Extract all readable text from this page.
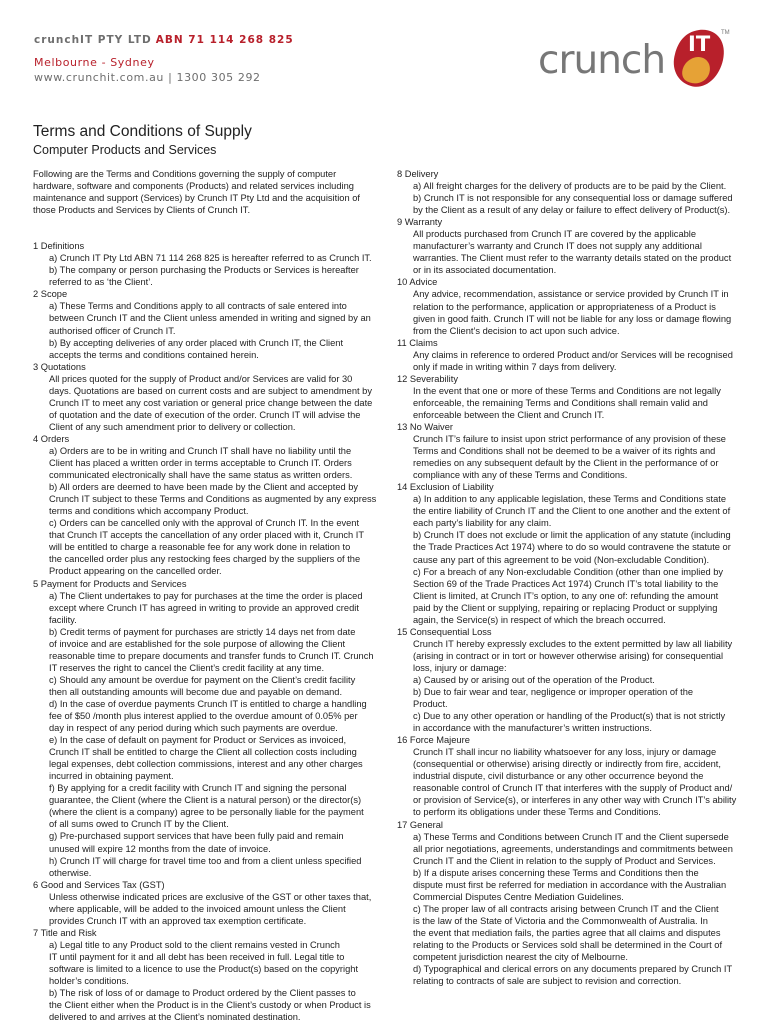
crunchIT PTY LTD ABN 71 114 268 825
Melbourne - Sydney
www.crunchit.com.au | 1300 305 292	crunch IT TM
Terms and Conditions of Supply
Computer Products and Services

Following are the Terms and Conditions governing the supply of computer

hardware, software and components (Products) and related services including

maintenance and support (Services) by Crunch IT Pty Ltd and the acquisition of

those Products and Services by Clients of Crunch IT.

1 Definitions

a) Crunch IT Pty Ltd ABN 71 114 268 825 is hereafter referred to as Crunch IT.

b) The company or person purchasing the Products or Services is hereafter

referred to as ‘the Client’.

2 Scope

a) These Terms and Conditions apply to all contracts of sale entered into

between Crunch IT and the Client unless amended in writing and signed by an

authorised officer of Crunch IT.

b) By accepting deliveries of any order placed with Crunch IT, the Client

accepts the terms and conditions contained herein.

3 Quotations

All prices quoted for the supply of Product and/or Services are valid for 30

days. Quotations are based on current costs and are subject to amendment by

Crunch IT to meet any cost variation or general price change between the date

of quotation and the date of execution of the order. Crunch IT will advise the

Client of any such amendment prior to delivery or collection.

4 Orders

a) Orders are to be in writing and Crunch IT shall have no liability until the

Client has placed a written order in terms acceptable to Crunch IT. Orders

communicated electronically shall have the same status as written orders.

b) All orders are deemed to have been made by the Client and accepted by

Crunch IT subject to these Terms and Conditions as augmented by any express

terms and conditions which accompany Product.

c) Orders can be cancelled only with the approval of Crunch IT. In the event

that Crunch IT accepts the cancellation of any order placed with it, Crunch IT

will be entitled to charge a reasonable fee for any work done in relation to

the cancelled order plus any restocking fees charged by the suppliers of the

Product appearing on the cancelled order.

5 Payment for Products and Services

a) The Client undertakes to pay for purchases at the time the order is placed

except where Crunch IT has agreed in writing to provide an approved credit

facility.

b) Credit terms of payment for purchases are strictly 14 days net from date

of invoice and are established for the sole purpose of allowing the Client

reasonable time to prepare documents and transfer funds to Crunch IT. Crunch

IT reserves the right to cancel the Client’s credit facility at any time.

c) Should any amount be overdue for payment on the Client’s credit facility

then all outstanding amounts will become due and payable on demand.

d) In the case of overdue payments Crunch IT is entitled to charge a handling

fee of $50 /month plus interest applied to the overdue amount of 0.05% per

day in respect of any period during which such payments are overdue.

e) In the case of default on payment for Product or Services as invoiced,

Crunch IT shall be entitled to charge the Client all collection costs including

legal expenses, debt collection commissions, interest and any other charges

incurred in obtaining payment.

f) By applying for a credit facility with Crunch IT and signing the personal

guarantee, the Client (where the Client is a natural person) or the director(s)

(where the client is a company) agree to be personally liable for the payment

of all sums owed to Crunch IT by the Client.

g) Pre-purchased support services that have been fully paid and remain

unused will expire 12 months from the date of invoice.

h) Crunch IT will charge for travel time too and from a client unless specified

otherwise.

6 Good and Services Tax (GST)

Unless otherwise indicated prices are exclusive of the GST or other taxes that,

where applicable, will be added to the invoiced amount unless the Client

provides Crunch IT with an approved tax exemption certificate.

7 Title and Risk

a) Legal title to any Product sold to the client remains vested in Crunch

IT until payment for it and all debt has been received in full. Legal title to

software is limited to a licence to use the Product(s) based on the copyright

holder’s conditions.

b) The risk of loss of or damage to Product ordered by the Client passes to

the Client either when the Product is in the Client’s custody or when Product is

delivered to and arrives at the Client’s nominated destination.

8 Delivery

a) All freight charges for the delivery of products are to be paid by the Client.

b) Crunch IT is not responsible for any consequential loss or damage suffered

by the Client as a result of any delay or failure to effect delivery of Product(s).

9 Warranty

All products purchased from Crunch IT are covered by the applicable

manufacturer’s warranty and Crunch IT does not supply any additional

warranties. The Client must refer to the warranty details stated on the product

or in its associated documentation.

10 Advice

Any advice, recommendation, assistance or service provided by Crunch IT in

relation to the performance, application or appropriateness of a Product is

given in good faith. Crunch IT will not be liable for any loss or damage flowing

from the Client’s decision to act upon such advice.

11 Claims

Any claims in reference to ordered Product and/or Services will be recognised

only if made in writing within 7 days from delivery.

12 Severability

In the event that one or more of these Terms and Conditions are not legally

enforceable, the remaining Terms and Conditions shall remain valid and

enforceable between the Client and Crunch IT.

13 No Waiver

Crunch IT’s failure to insist upon strict performance of any provision of these

Terms and Conditions shall not be deemed to be a waiver of its rights and

remedies on any subsequent default by the Client in the performance of or

compliance with any of these Terms and Conditions.

14 Exclusion of Liability

a) In addition to any applicable legislation, these Terms and Conditions state

the entire liability of Crunch IT and the Client to one another and the extent of

each party’s liability for any claim.

b) Crunch IT does not exclude or limit the application of any statute (including

the Trade Practices Act 1974) where to do so would contravene the statute or

cause any part of this agreement to be void (Non-excludable Condition).

c) For a breach of any Non-excludable Condition (other than one implied by

Section 69 of the Trade Practices Act 1974) Crunch IT’s total liability to the

Client is limited, at Crunch IT’s option, to any one of: refunding the amount

paid by the Client or supplying, repairing or replacing Product or supplying

again, the Service(s) in respect of which the breach occurred.

15 Consequential Loss

Crunch IT hereby expressly excludes to the extent permitted by law all liability

(arising in contract or in tort or however otherwise arising) for consequential

loss, injury or damage:

a) Caused by or arising out of the operation of the Product.

b) Due to fair wear and tear, negligence or improper operation of the

Product.

c) Due to any other operation or handling of the Product(s) that is not strictly

in accordance with the manufacturer’s written instructions.

16 Force Majeure

Crunch IT shall incur no liability whatsoever for any loss, injury or damage

(consequential or otherwise) arising directly or indirectly from fire, accident,

industrial dispute, civil disturbance or any other occurrence beyond the

reasonable control of Crunch IT that interferes with the supply of Product and/

or provision of Service(s), or interferes in any other way with Crunch IT’s ability

to perform its obligations under these Terms and Conditions.

17 General

a) These Terms and Conditions between Crunch IT and the Client supersede

all prior negotiations, agreements, understandings and commitments between

Crunch IT and the Client in relation to the supply of Product and Services.

b) If a dispute arises concerning these Terms and Conditions then the

dispute must first be referred for mediation in accordance with the Australian

Commercial Disputes Centre Mediation Guidelines.

c) The proper law of all contracts arising between Crunch IT and the Client

is the law of the State of Victoria and the Commonwealth of Australia. In

the event that mediation fails, the parties agree that all claims and disputes

relating to the Products or Services sold shall be determined in the Court of

competent jurisdiction nearest the city of Melbourne.

d) Typographical and clerical errors on any documents prepared by Crunch IT

relating to contracts of sale are subject to revision and correction.
